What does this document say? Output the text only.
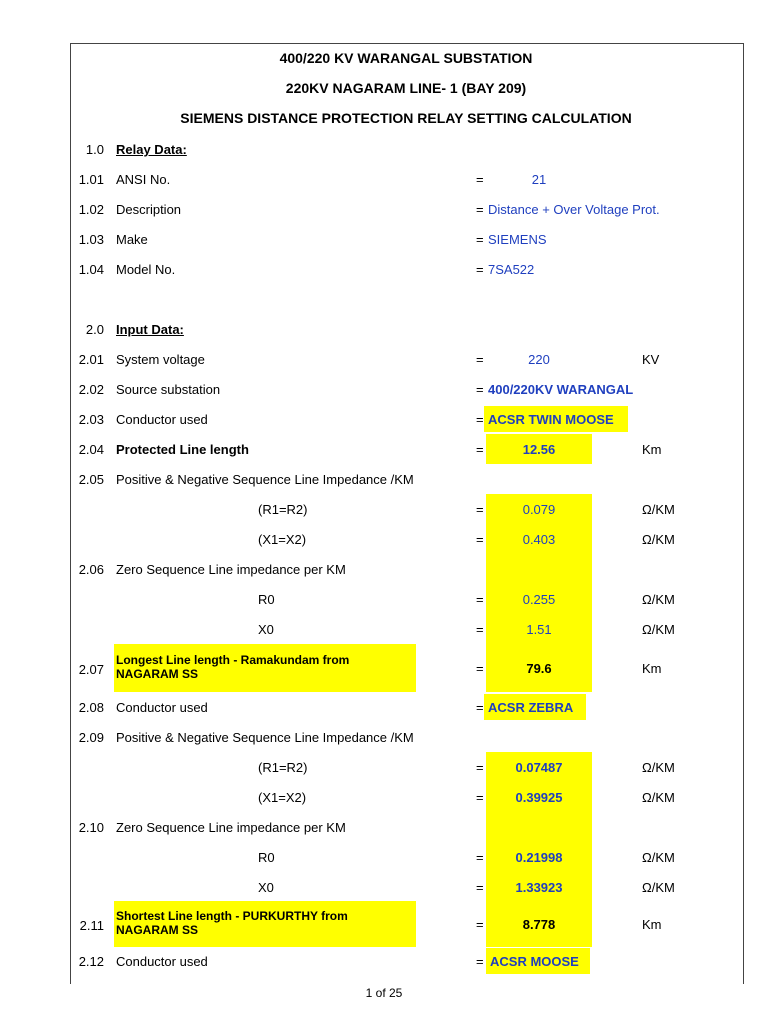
400/220 KV WARANGAL SUBSTATION
220KV NAGARAM LINE- 1 (BAY 209)
SIEMENS DISTANCE PROTECTION RELAY SETTING CALCULATION
1.0 Relay Data:
1.01 ANSI No.	=	21
1.02 Description	= Distance + Over Voltage Prot.
1.03 Make	= SIEMENS
1.04 Model No.	= 7SA522
2.0 Input Data:
2.01 System voltage	=	220	KV
2.02 Source substation	= 400/220KV WARANGAL
2.03 Conductor used	= ACSR TWIN MOOSE
2.04 Protected Line length	=	12.56	Km
2.05 Positive & Negative Sequence Line Impedance /KM
(R1=R2)	=	0.079	Ω/KM
(X1=X2)	=	0.403	Ω/KM
2.06 Zero Sequence Line impedance per KM
R0	=	0.255	Ω/KM
X0	=	1.51	Ω/KM
2.07
Longest Line length - Ramakundam from
NAGARAM SS	=	79.6	Km
2.08 Conductor used	= ACSR ZEBRA
2.09 Positive & Negative Sequence Line Impedance /KM
(R1=R2)	=	0.07487	Ω/KM
(X1=X2)	=	0.39925	Ω/KM
2.10 Zero Sequence Line impedance per KM
R0	=	0.21998	Ω/KM
X0	=	1.33923	Ω/KM
2.11
Shortest Line length - PURKURTHY from
NAGARAM SS	=	8.778	Km
2.12 Conductor used	= ACSR MOOSE
1 of 25
